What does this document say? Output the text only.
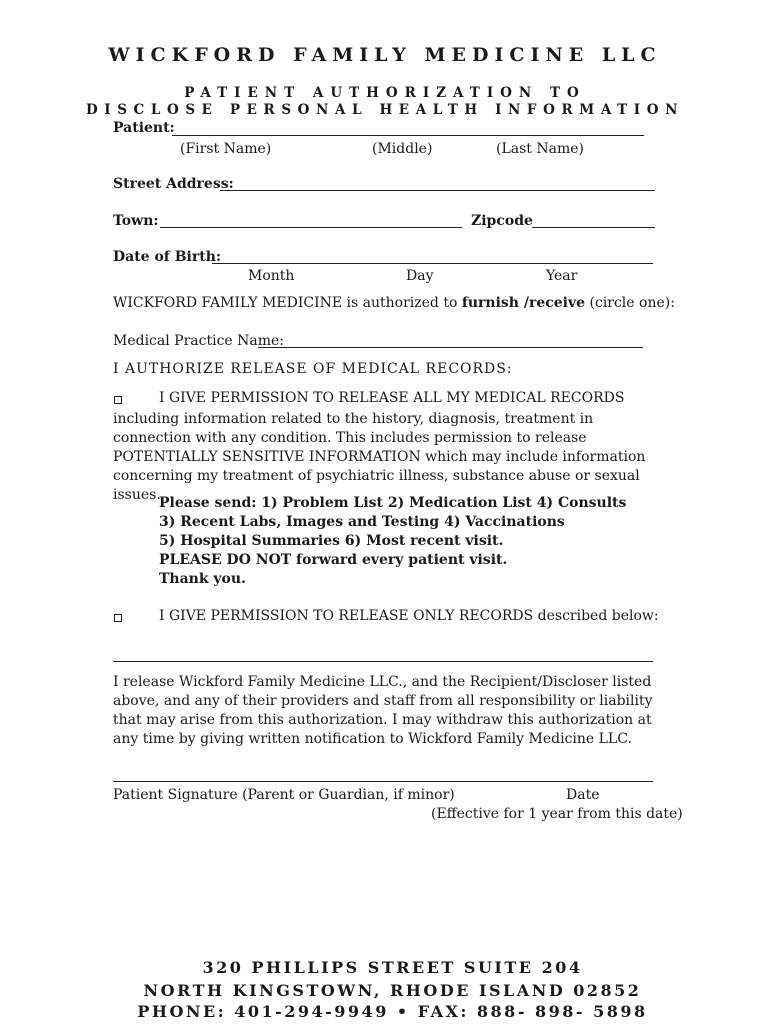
WICKFORD FAMILY MEDICINE LLC
PATIENT AUTHORIZATION TO
DISCLOSE PERSONAL HEALTH INFORMATION
Patient:
(First Name)	(Middle)	(Last Name)
Street Address:
Town:	Zipcode
Date of Birth:
Month	Day	Year
WICKFORD FAMILY MEDICINE is authorized to furnish /receive (circle one):
Medical Practice Name:
I AUTHORIZE RELEASE OF MEDICAL RECORDS:
I GIVE PERMISSION TO RELEASE ALL MY MEDICAL RECORDS
including information related to the history, diagnosis, treatment in connection with any condition. This includes permission to release POTENTIALLY SENSITIVE INFORMATION which may include information concerning my treatment of psychiatric illness, substance abuse or sexual issues.
Please send: 1) Problem List 2) Medication List 4) Consults
3) Recent Labs, Images and Testing 4) Vaccinations
5) Hospital Summaries 6) Most recent visit.
PLEASE DO NOT forward every patient visit.
Thank you.
I GIVE PERMISSION TO RELEASE ONLY RECORDS described below:
I release Wickford Family Medicine LLC., and the Recipient/Discloser listed above, and any of their providers and staff from all responsibility or liability that may arise from this authorization. I may withdraw this authorization at any time by giving written notification to Wickford Family Medicine LLC.
Patient Signature (Parent or Guardian, if minor)	Date
(Effective for 1 year from this date)
320 PHILLIPS STREET SUITE 204
NORTH KINGSTOWN, RHODE ISLAND 02852
PHONE: 401-294-9949 • FAX: 888- 898- 5898
